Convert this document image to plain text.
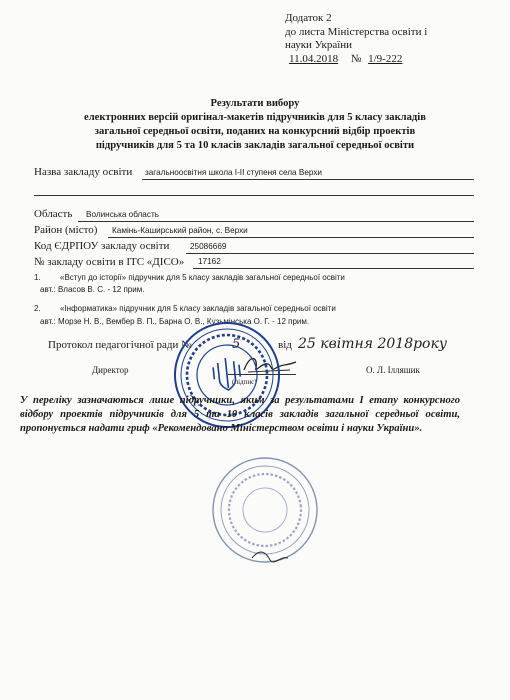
Додаток 2
до листа Міністерства освіти і
науки України
11.04.2018 № 1/9-222
Результати вибору
електронних версій оригінал-макетів підручників для 5 класу закладів
загальної середньої освіти, поданих на конкурсний відбір проектів
підручників для 5 та 10 класів закладів загальної середньої освіти
Назва закладу освіти загальноосвітня школа І-ІІ ступеня села Верхи
Область Волинська область
Район (місто) Камінь-Каширський район, с. Верхи
Код ЄДРПОУ закладу освіти	25086669
№ закладу освіти в ІТС «ДІСО» 17162
1. «Вступ до історії» підручник для 5 класу закладів загальної середньої освіти
авт.: Власов В. С. - 12 прим.
2. «Інформатика» підручник для 5 класу закладів загальної середньої освіти
авт.: Морзе Н. В., Вембер В. П., Барна О. В., Кузьмінська О. Г. - 12 прим.
Протокол педагогічної ради №	5	від 25 квітня 2018року
Директор
(підпис)
О. Л. Ілляшик
У переліку зазначаються лише підручники, яким за результатами І етапу конкурсного відбору проектів підручників для 5 та 10 класів закладів загальної середньої освіти, пропонується надати гриф «Рекомендовано Міністерством освіти і науки України».
